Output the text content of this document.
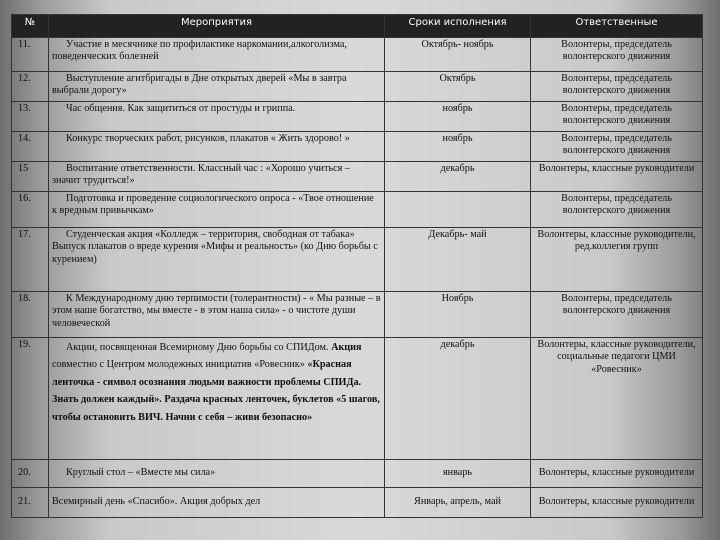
№	Мероприятия	Сроки исполнения	Ответственные
11.	Участие в месячнике по профилактике наркомании,алкоголизма, поведенческих болезней	Октябрь- ноябрь	Волонтеры, председатель волонтерского движения
12.	Выступление агитбригады в Дне открытых дверей «Мы в завтра выбрали дорогу»	Октябрь	Волонтеры, председатель волонтерского движения
13.	Час общения. Как защититься от простуды и гриппа.	ноябрь	Волонтеры, председатель волонтерского движения
14.	Конкурс творческих работ, рисунков, плакатов « Жить здорово! »	ноябрь	Волонтеры, председатель волонтерского движения
15	Воспитание ответственности. Классный час : «Хорошо учиться – значит трудиться!»	декабрь	Волонтеры, классные руководители
16.	Подготовка и проведение социологического опроса - «Твое отношение к вредным привычкам»		Волонтеры, председатель волонтерского движения
17.	Студенческая акция «Колледж – территория, свободная от табака»
Выпуск плакатов о вреде курения «Мифы и реальность» (ко Дню борьбы с курением)	Декабрь- май	Волонтеры, классные руководители, ред.коллегия групп
18.	К Международному дню терпимости (толерантности) - « Мы разные – в этом наше богатство, мы вместе - в этом наша сила» - о чистоте души человеческой	Ноябрь	Волонтеры, председатель волонтерского движения
19.	Акции, посвященная Всемирному Дню борьбы со СПИДом. Акция совместно с Центром молодежных инициатив «Ровесник» «Красная ленточка - символ осознания людьми важности проблемы СПИДа. Знать должен каждый». Раздача красных ленточек, буклетов «5 шагов, чтобы остановить ВИЧ. Начни с себя – живи безопасно»	декабрь	Волонтеры, классные руководители, социальные педагоги ЦМИ «Ровесник»
20.	Круглый стол – «Вместе мы сила»	январь	Волонтеры, классные руководители
21.	Всемирный день «Спасибо». Акция добрых дел	Январь, апрель, май	Волонтеры, классные руководители
